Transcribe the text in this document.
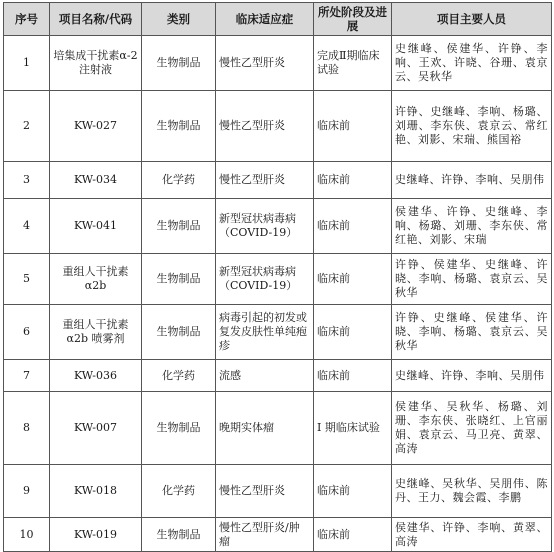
序号	项目名称/代码	类别	临床适应症	所处阶段及进展	项目主要人员
1	培集成干扰素α-2 注射液	生物制品	慢性乙型肝炎	完成Ⅱ期临床试验	史继峰、侯建华、许铮、李响、王欢、许晓、谷珊、袁京云、吴秋华
2	KW-027	生物制品	慢性乙型肝炎	临床前	许铮、史继峰、李响、杨璐、刘珊、李东侠、袁京云、常红艳、刘影、宋瑞、熊国裕
3	KW-034	化学药	慢性乙型肝炎	临床前	史继峰、许铮、李响、吴朋伟
4	KW-041	生物制品	新型冠状病毒病（COVID-19）	临床前	侯建华、许铮、史继峰、李响、杨璐、刘珊、李东侠、常红艳、刘影、宋瑞
5	重组人干扰素α2b	生物制品	新型冠状病毒病（COVID-19）	临床前	许铮、侯建华、史继峰、许晓、李响、杨璐、袁京云、吴秋华
6	重组人干扰素α2b 喷雾剂	生物制品	病毒引起的初发或复发皮肤性单纯疱疹	临床前	许铮、史继峰、侯建华、许晓、李响、杨璐、袁京云、吴秋华
7	KW-036	化学药	流感	临床前	史继峰、许铮、李响、吴朋伟
8	KW-007	生物制品	晚期实体瘤	I 期临床试验	侯建华、吴秋华、杨璐、刘珊、李东侠、张晓红、上官丽娟、袁京云、马卫亮、黄翠、高涛
9	KW-018	化学药	慢性乙型肝炎	临床前	史继峰、吴秋华、吴朋伟、陈丹、王力、魏会霞、李鹏
10	KW-019	生物制品	慢性乙型肝炎/肿瘤	临床前	侯建华、许铮、李响、黄翠、高涛
